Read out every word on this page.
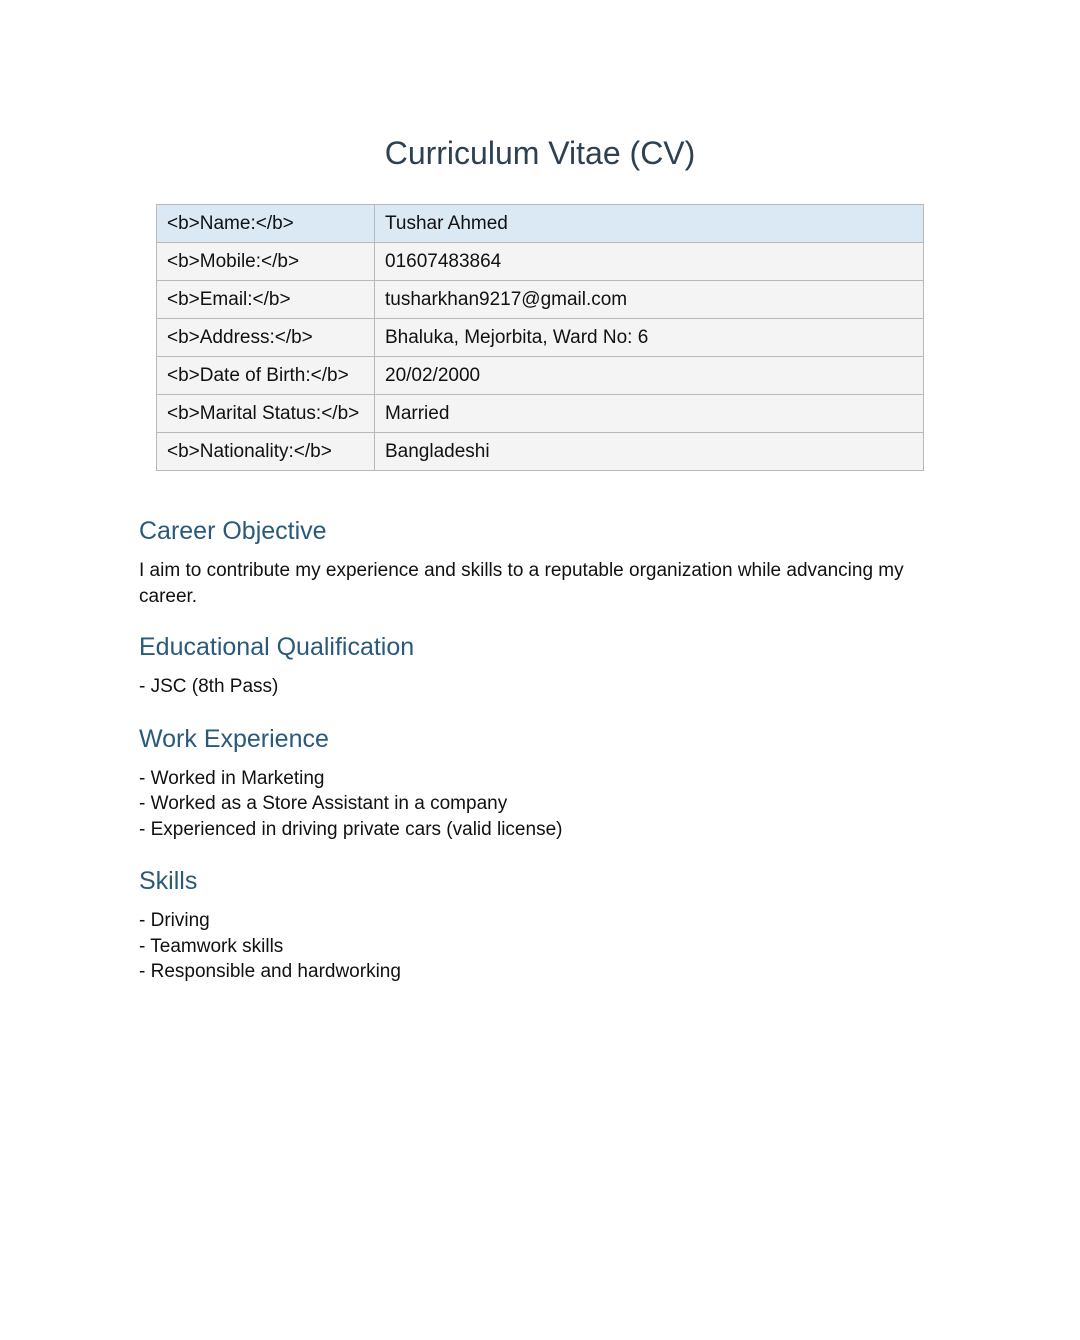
Curriculum Vitae (CV)
<b>Name:</b>	Tushar Ahmed
<b>Mobile:</b>	01607483864
<b>Email:</b>	tusharkhan9217@gmail.com
<b>Address:</b>	Bhaluka, Mejorbita, Ward No: 6
<b>Date of Birth:</b>	20/02/2000
<b>Marital Status:</b>	Married
<b>Nationality:</b>	Bangladeshi
Career Objective

I aim to contribute my experience and skills to a reputable organization while advancing my career.

Educational Qualification
- JSC (8th Pass)
Work Experience
- Worked in Marketing
- Worked as a Store Assistant in a company
- Experienced in driving private cars (valid license)
Skills
- Driving
- Teamwork skills
- Responsible and hardworking
